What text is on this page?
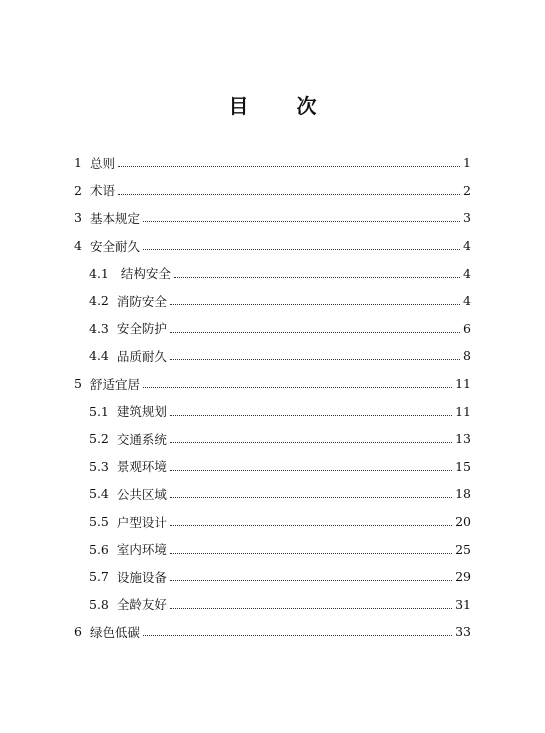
目　次
1 总则	1
2 术语	2
3 基本规定	3
4 安全耐久	4
4.1 结构安全	4
4.2 消防安全	4
4.3 安全防护	6
4.4 品质耐久	8
5 舒适宜居	11
5.1 建筑规划	11
5.2 交通系统	13
5.3 景观环境	15
5.4 公共区域	18
5.5 户型设计	20
5.6 室内环境	25
5.7 设施设备	29
5.8 全龄友好	31
6 绿色低碳	33
